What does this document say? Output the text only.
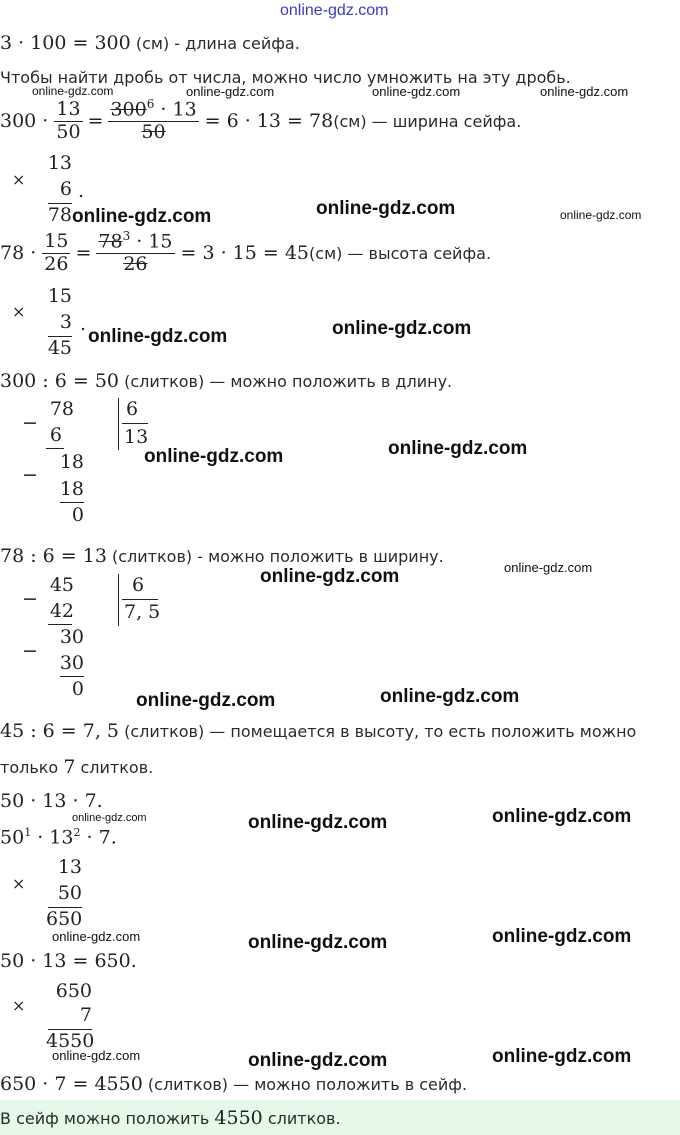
online-gdz.com
3 · 100 = 300 (см) - длина сейфа.
Чтобы найти дробь от числа, можно число умножить на эту дробь.
online-gdz.com	online-gdz.com	online-gdz.com	online-gdz.com
$300 \cdot \frac{13}{50} = \frac{300^6 \cdot 13}{50} = 6 \cdot 13 = 78$ (см) — ширина сейфа.
×
13
6
78
.
online-gdz.com	online-gdz.com	online-gdz.com
$78 \cdot \frac{15}{26} = \frac{78^3 \cdot 15}{26} = 3 \cdot 15 = 45$ (см) — высота сейфа.
×
15
3
45
.
online-gdz.com	online-gdz.com
300 : 6 = 50 (слитков) — можно положить в длину.
−
78
6
6
13
−
18
18
0
online-gdz.com	online-gdz.com
78 : 6 = 13 (слитков) - можно положить в ширину.
online-gdz.com
−
45
42
6
7, 5
online-gdz.com
−
30
30
0
online-gdz.com	online-gdz.com
45 : 6 = 7, 5 (слитков) — помещается в высоту, то есть положить можно
только 7 слитков.
50 · 13 · 7.
$50^1 \cdot 13^2 \cdot 7$.
online-gdz.com	online-gdz.com	online-gdz.com
×
13
50
650
online-gdz.com	online-gdz.com	online-gdz.com
50 · 13 = 650.
×
650
7
4550
online-gdz.com	online-gdz.com	online-gdz.com
650 · 7 = 4550 (слитков) — можно положить в сейф.
В сейф можно положить 4550 слитков.
